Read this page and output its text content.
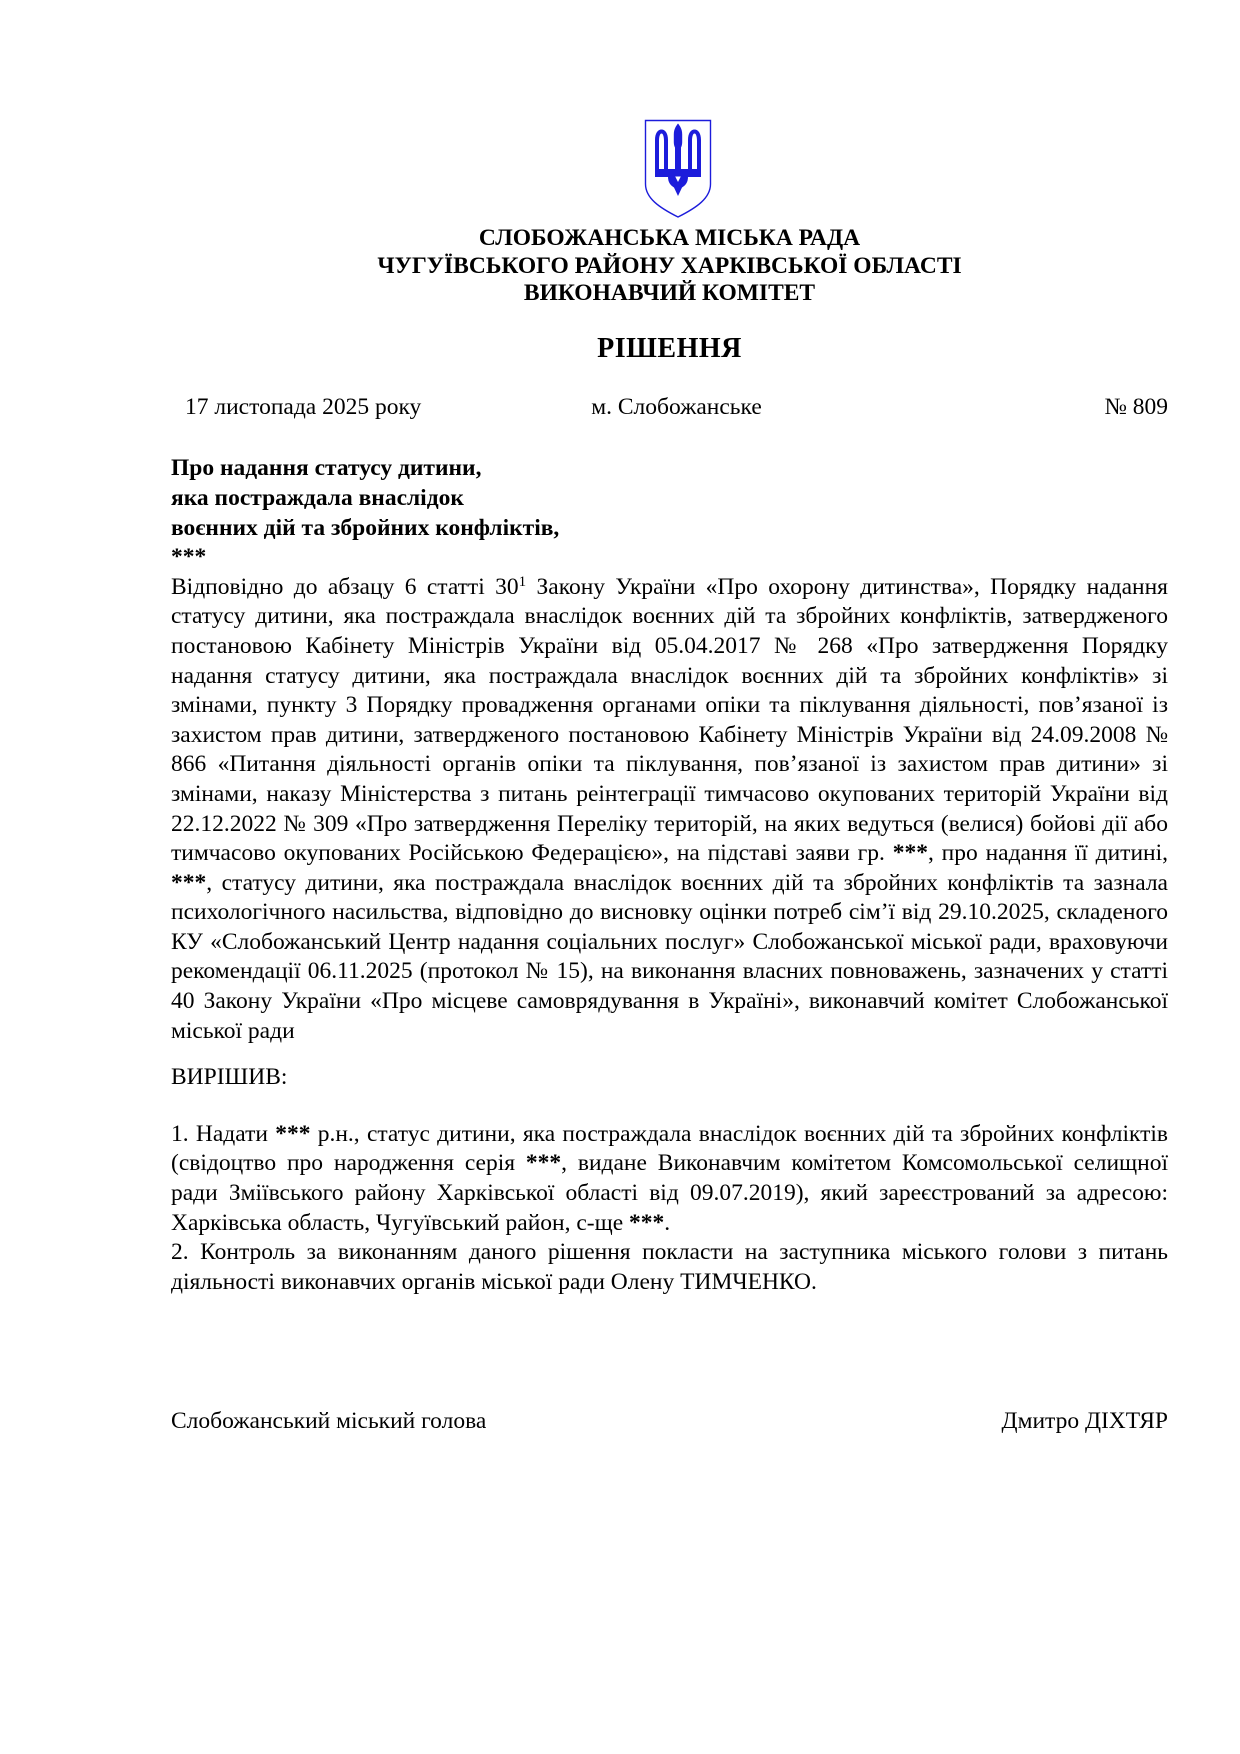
СЛОБОЖАНСЬКА МІСЬКА РАДА
ЧУГУЇВСЬКОГО РАЙОНУ ХАРКІВСЬКОЇ ОБЛАСТІ
ВИКОНАВЧИЙ КОМІТЕТ
РІШЕННЯ
17 листопада 2025 року	м. Слобожанське	№ 809
Про надання статусу дитини,
яка постраждала внаслідок
воєнних дій та збройних конфліктів,
***

Відповідно до абзацу 6 статті $30^1$ Закону України «Про охорону дитинства», Порядку надання статусу дитини, яка постраждала внаслідок воєнних дій та збройних конфліктів, затвердженого постановою Кабінету Міністрів України від 05.04.2017 № 268 «Про затвердження Порядку надання статусу дитини, яка постраждала внаслідок воєнних дій та збройних конфліктів» зі змінами, пункту 3 Порядку провадження органами опіки та піклування діяльності, пов’язаної із захистом прав дитини, затвердженого постановою Кабінету Міністрів України від 24.09.2008 № 866 «Питання діяльності органів опіки та піклування, пов’язаної із захистом прав дитини» зі змінами, наказу Міністерства з питань реінтеграції тимчасово окупованих територій України від 22.12.2022 № 309 «Про затвердження Переліку територій, на яких ведуться (велися) бойові дії або тимчасово окупованих Російською Федерацією», на підставі заяви гр. ***, про надання її дитині, ***, статусу дитини, яка постраждала внаслідок воєнних дій та збройних конфліктів та зазнала психологічного насильства, відповідно до висновку оцінки потреб сім’ї від 29.10.2025, складеного КУ «Слобожанський Центр надання соціальних послуг» Слобожанської міської ради, враховуючи рекомендації 06.11.2025 (протокол № 15), на виконання власних повноважень, зазначених у статті 40 Закону України «Про місцеве самоврядування в Україні», виконавчий комітет Слобожанської міської ради

ВИРІШИВ:

1. Надати *** р.н., статус дитини, яка постраждала внаслідок воєнних дій та збройних конфліктів (свідоцтво про народження серія ***, видане Виконавчим комітетом Комсомольської селищної ради Зміївського району Харківської області від 09.07.2019), який зареєстрований за адресою: Харківська область, Чугуївський район, с-ще ***.

2. Контроль за виконанням даного рішення покласти на заступника міського голови з питань діяльності виконавчих органів міської ради Олену ТИМЧЕНКО.

Слобожанський міський голова	Дмитро ДІХТЯР
